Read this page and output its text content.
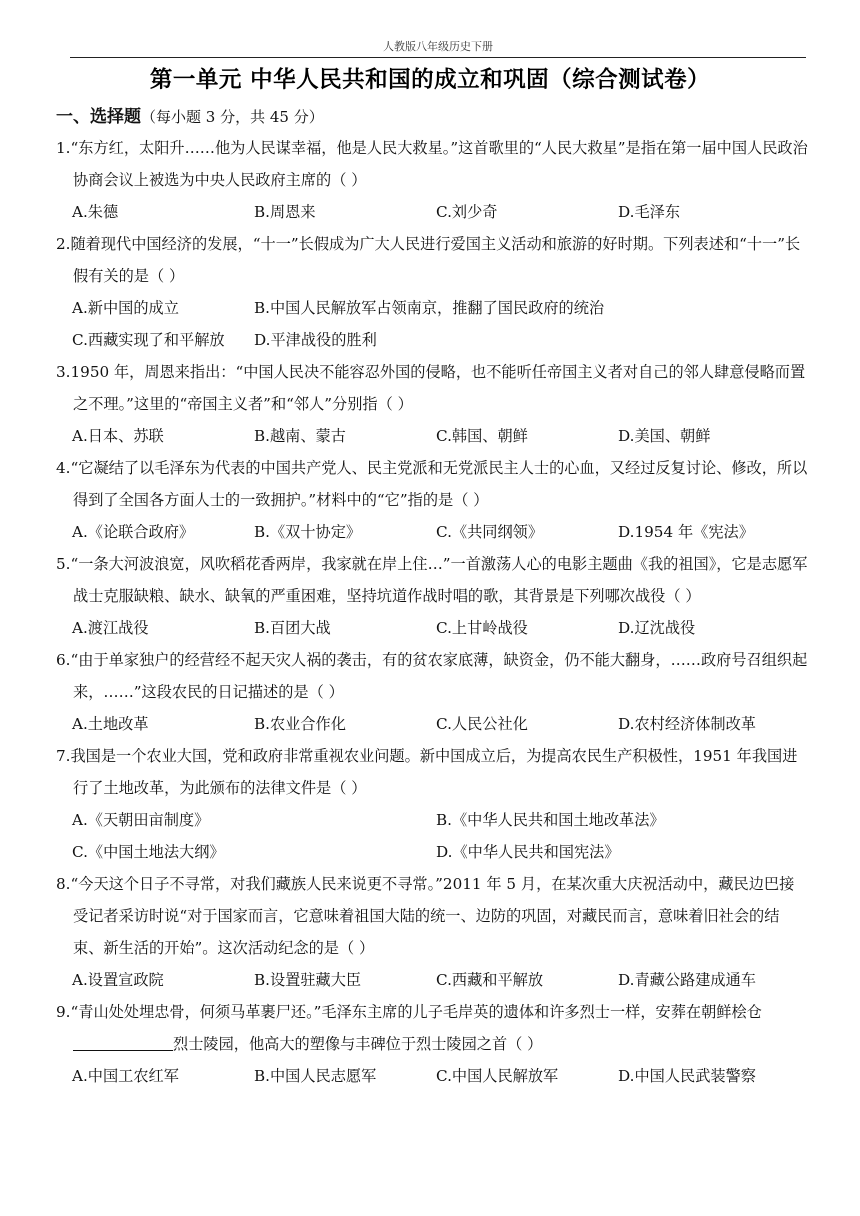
人教版八年级历史下册
第一单元 中华人民共和国的成立和巩固（综合测试卷）
一、选择题（每小题 3 分，共 45 分）
1.“东方红，太阳升……他为人民谋幸福，他是人民大救星。”这首歌里的“人民大救星”是指在第一届中国人民政治协商会议上被选为中央人民政府主席的（ ）
A.朱德	B.周恩来	C.刘少奇	D.毛泽东
2.随着现代中国经济的发展，“十一”长假成为广大人民进行爱国主义活动和旅游的好时期。下列表述和“十一”长假有关的是（ ）
A.新中国的成立	B.中国人民解放军占领南京，推翻了国民政府的统治
C.西藏实现了和平解放	D.平津战役的胜利
3.1950 年，周恩来指出：“中国人民决不能容忍外国的侵略，也不能听任帝国主义者对自己的邻人肆意侵略而置之不理。”这里的“帝国主义者”和“邻人”分别指（ ）
A.日本、苏联	B.越南、蒙古	C.韩国、朝鲜	D.美国、朝鲜
4.“它凝结了以毛泽东为代表的中国共产党人、民主党派和无党派民主人士的心血，又经过反复讨论、修改，所以得到了全国各方面人士的一致拥护。”材料中的“它”指的是（ ）
A.《论联合政府》	B.《双十协定》	C.《共同纲领》	D.1954 年《宪法》
5.“一条大河波浪宽，风吹稻花香两岸，我家就在岸上住…”一首激荡人心的电影主题曲《我的祖国》，它是志愿军战士克服缺粮、缺水、缺氧的严重困难，坚持坑道作战时唱的歌，其背景是下列哪次战役（ ）
A.渡江战役	B.百团大战	C.上甘岭战役	D.辽沈战役
6.“由于单家独户的经营经不起天灾人祸的袭击，有的贫农家底薄，缺资金，仍不能大翻身，……政府号召组织起来，……”这段农民的日记描述的是（ ）
A.土地改革	B.农业合作化	C.人民公社化	D.农村经济体制改革
7.我国是一个农业大国，党和政府非常重视农业问题。新中国成立后，为提高农民生产积极性，1951 年我国进行了土地改革，为此颁布的法律文件是（ ）
A.《天朝田亩制度》	B.《中华人民共和国土地改革法》
C.《中国土地法大纲》	D.《中华人民共和国宪法》
8.“今天这个日子不寻常，对我们藏族人民来说更不寻常。”2011 年 5 月，在某次重大庆祝活动中，藏民边巴接受记者采访时说“对于国家而言，它意味着祖国大陆的统一、边防的巩固，对藏民而言，意味着旧社会的结束、新生活的开始”。这次活动纪念的是（ ）
A.设置宣政院	B.设置驻藏大臣	C.西藏和平解放	D.青藏公路建成通车
9.“青山处处埋忠骨，何须马革裹尸还。”毛泽东主席的儿子毛岸英的遗体和许多烈士一样，安葬在朝鲜桧仓烈士陵园，他高大的塑像与丰碑位于烈士陵园之首（ ）
A.中国工农红军	B.中国人民志愿军	C.中国人民解放军	D.中国人民武装警察
